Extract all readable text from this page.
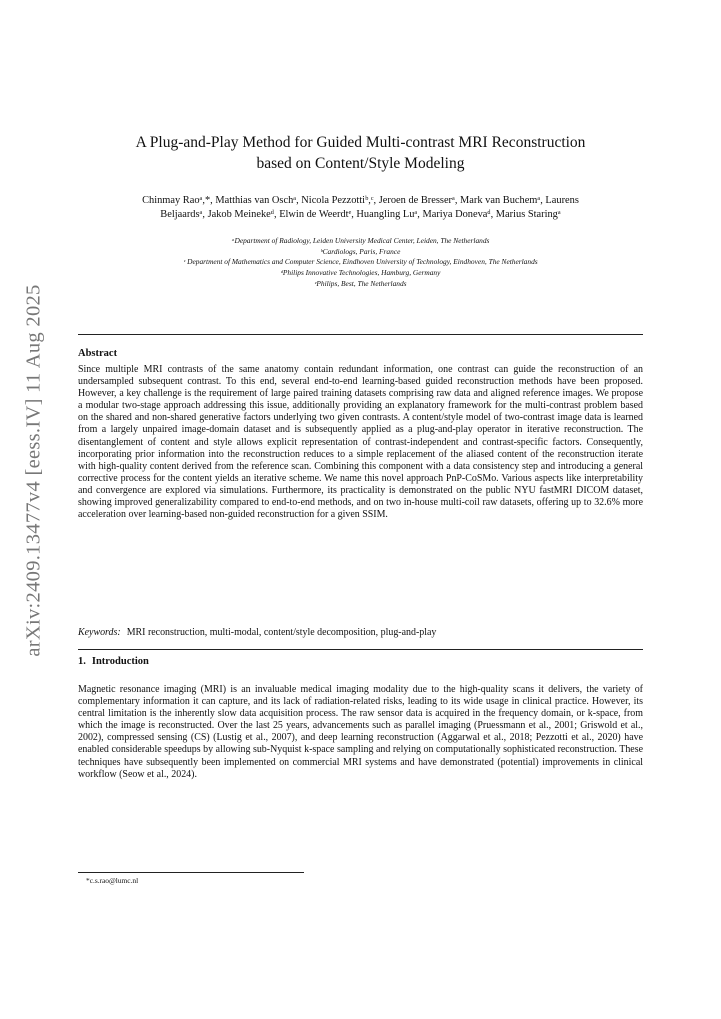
arXiv:2409.13477v4 [eess.IV] 11 Aug 2025
A Plug-and-Play Method for Guided Multi-contrast MRI Reconstruction
based on Content/Style Modeling
Chinmay Raoᵃ,*, Matthias van Oschᵃ, Nicola Pezzottiᵇ,ᶜ, Jeroen de Bresserᵃ, Mark van Buchemᵃ, Laurens
Beljaardsᵃ, Jakob Meinekeᵈ, Elwin de Weerdtᵉ, Huangling Luᵃ, Mariya Donevaᵈ, Marius Staringᵃ
ᵃDepartment of Radiology, Leiden University Medical Center, Leiden, The Netherlands
ᵇCardiologs, Paris, France
ᶜ Department of Mathematics and Computer Science, Eindhoven University of Technology, Eindhoven, The Netherlands
ᵈPhilips Innovative Technologies, Hamburg, Germany
ᵉPhilips, Best, The Netherlands
Abstract
Since multiple MRI contrasts of the same anatomy contain redundant information, one contrast can guide the reconstruction of an undersampled subsequent contrast. To this end, several end-to-end learning-based guided reconstruction methods have been proposed. However, a key challenge is the requirement of large paired training datasets comprising raw data and aligned reference images. We propose a modular two-stage approach addressing this issue, additionally providing an explanatory framework for the multi-contrast problem based on the shared and non-shared generative factors underlying two given contrasts. A content/style model of two-contrast image data is learned from a largely unpaired image-domain dataset and is subsequently applied as a plug-and-play operator in iterative reconstruction. The disentanglement of content and style allows explicit representation of contrast-independent and contrast-specific factors. Consequently, incorporating prior information into the reconstruction reduces to a simple replacement of the aliased content of the reconstruction iterate with high-quality content derived from the reference scan. Combining this component with a data consistency step and introducing a general corrective process for the content yields an iterative scheme. We name this novel approach PnP-CoSMo. Various aspects like interpretability and convergence are explored via simulations. Furthermore, its practicality is demonstrated on the public NYU fastMRI DICOM dataset, showing improved generalizability compared to end-to-end methods, and on two in-house multi-coil raw datasets, offering up to 32.6% more acceleration over learning-based non-guided reconstruction for a given SSIM.
Keywords: MRI reconstruction, multi-modal, content/style decomposition, plug-and-play
1. Introduction
Magnetic resonance imaging (MRI) is an invaluable medical imaging modality due to the high-quality scans it delivers, the variety of complementary information it can capture, and its lack of radiation-related risks, leading to its wide usage in clinical practice. However, its central limitation is the inherently slow data acquisition process. The raw sensor data is acquired in the frequency domain, or k-space, from which the image is reconstructed. Over the last 25 years, advancements such as parallel imaging (Pruessmann et al., 2001; Griswold et al., 2002), compressed sensing (CS) (Lustig et al., 2007), and deep learning reconstruction (Aggarwal et al., 2018; Pezzotti et al., 2020) have enabled considerable speedups by allowing sub-Nyquist k-space sampling and relying on computationally sophisticated reconstruction. These techniques have subsequently been implemented on commercial MRI systems and have demonstrated (potential) improvements in clinical workflow (Seow et al., 2024).
*c.s.rao@lumc.nl
